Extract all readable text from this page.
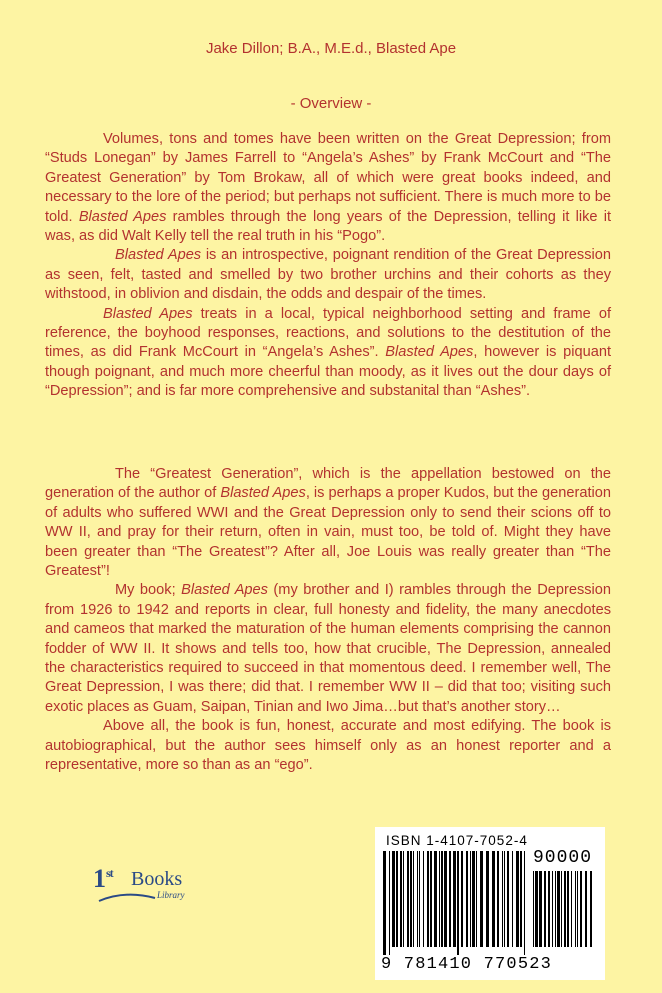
Jake Dillon; B.A., M.E.d., Blasted Ape

- Overview -

Volumes, tons and tomes have been written on the Great Depression; from “Studs Lonegan” by James Farrell to “Angela’s Ashes” by Frank McCourt and “The Greatest Generation” by Tom Brokaw, all of which were great books indeed, and necessary to the lore of the period; but perhaps not sufficient. There is much more to be told. Blasted Apes rambles through the long years of the Depression, telling it like it was, as did Walt Kelly tell the real truth in his “Pogo”.

Blasted Apes is an introspective, poignant rendition of the Great Depression as seen, felt, tasted and smelled by two brother urchins and their cohorts as they withstood, in oblivion and disdain, the odds and despair of the times.

Blasted Apes treats in a local, typical neighborhood setting and frame of reference, the boyhood responses, reactions, and solutions to the destitution of the times, as did Frank McCourt in “Angela’s Ashes”. Blasted Apes, however is piquant though poignant, and much more cheerful than moody, as it lives out the dour days of “Depression”; and is far more comprehensive and substanital than “Ashes”.

The “Greatest Generation”, which is the appellation bestowed on the generation of the author of Blasted Apes, is perhaps a proper Kudos, but the generation of adults who suffered WWI and the Great Depression only to send their scions off to WW II, and pray for their return, often in vain, must too, be told of. Might they have been greater than “The Greatest”? After all, Joe Louis was really greater than “The Greatest”!

My book; Blasted Apes (my brother and I) rambles through the Depression from 1926 to 1942 and reports in clear, full honesty and fidelity, the many anecdotes and cameos that marked the maturation of the human elements comprising the cannon fodder of WW II. It shows and tells too, how that crucible, The Depression, annealed the characteristics required to succeed in that momentous deed. I remember well, The Great Depression, I was there; did that. I remember WW II – did that too; visiting such exotic places as Guam, Saipan, Tinian and Iwo Jima…but that’s another story…

Above all, the book is fun, honest, accurate and most edifying. The book is autobiographical, but the author sees himself only as an honest reporter and a representative, more so than as an “ego”.

1st Books
Library
ISBN 1-4107-7052-4
90000
9 781410 770523
